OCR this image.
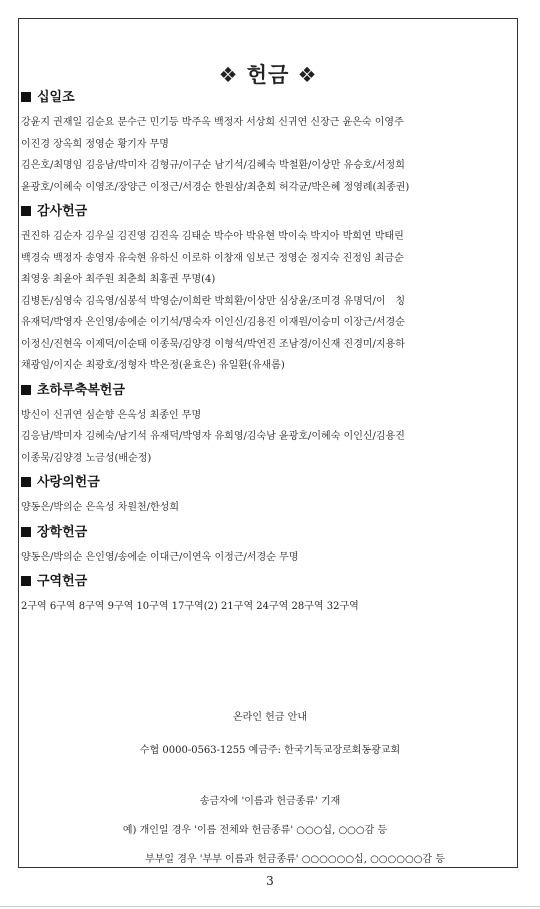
❖ 헌금 ❖
십일조
강윤지 권재일 김순요 문수근 민기등 박주옥 백정자 서상희 신귀연 신장근 윤은숙 이영주
이진경 장옥희 정영순 황기자 무명
김은호/최명임 김응남/박미자 김형규/이구순 남기석/김혜숙 박철환/이상만 유승호/서정희
윤광호/이혜숙 이영조/장양근 이정근/서경순 한원삼/최춘희 허각균/박은혜 정영례(최종권)
감사헌금
권진하 김순자 김우실 김진영 김진옥 김태순 박수아 박유현 박이숙 박지아 박희연 박태린
백경숙 백정자 송영자 유숙현 유하신 이로하 이창재 임보근 정영순 정지숙 진정임 최금순
최영웅 최윤아 최주원 최춘희 최홍권 무명(4)
김병돈/심영숙 김옥영/심봉석 박영순/이희란 박희환/이상만 심상윤/조미경 유명덕/이　칭
유재덕/박영자 은인영/송에순 이기석/명숙자 이인신/김용진 이재원/이승미 이장근/서경순
이정신/진현옥 이제덕/이순태 이종묵/김양경 이형석/박연진 조남경/이신재 진경미/지용하
채광임/이지순 최광호/정형자 박은정(윤효은) 유일환(유새롬)
초하루축복헌금
방신이 신귀연 심순향 은옥성 최종인 무명
김응남/박미자 김혜숙/남기석 유재덕/박영자 유희영/김숙남 윤광호/이혜숙 이인신/김용진
이종묵/김양경 노금성(배순정)
사랑의헌금
양동은/박의순 은옥성 차원천/한성희
장학헌금
양동은/박의순 은인영/송에순 이대근/이연옥 이정근/서경순 무명
구역헌금
2구역 6구역 8구역 9구역 10구역 17구역(2) 21구역 24구역 28구역 32구역
온라인 헌금 안내
수협 0000-0563-1255 예금주: 한국기독교장로회동광교회
송금자에 '이름과 헌금종류' 기재
예) 개인일 경우 '이름 전체와 헌금종류' ○○○십, ○○○감 등
부부일 경우 '부부 이름과 헌금종류' ○○○○○○십, ○○○○○○감 등
3
